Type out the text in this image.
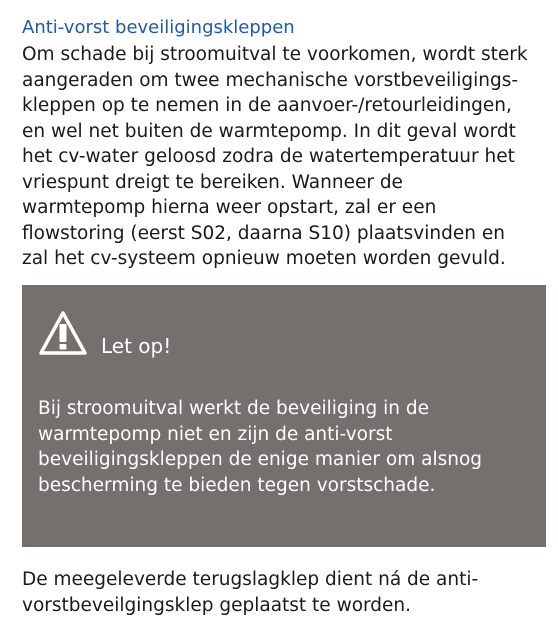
Anti-vorst beveiligingskleppen
Om schade bij stroomuitval te voorkomen, wordt sterk
aangeraden om twee mechanische vorstbeveiligings-
kleppen op te nemen in de aanvoer-/retourleidingen,
en wel net buiten de warmtepomp. In dit geval wordt
het cv-water geloosd zodra de watertemperatuur het
vriespunt dreigt te bereiken. Wanneer de
warmtepomp hierna weer opstart, zal er een
flowstoring (eerst S02, daarna S10) plaatsvinden en
zal het cv-systeem opnieuw moeten worden gevuld.
Let op!
Bij stroomuitval werkt de beveiliging in de
warmtepomp niet en zijn de anti-vorst
beveiligingskleppen de enige manier om alsnog
bescherming te bieden tegen vorstschade.
De meegeleverde terugslagklep dient ná de anti-
vorstbeveilgingsklep geplaatst te worden.
